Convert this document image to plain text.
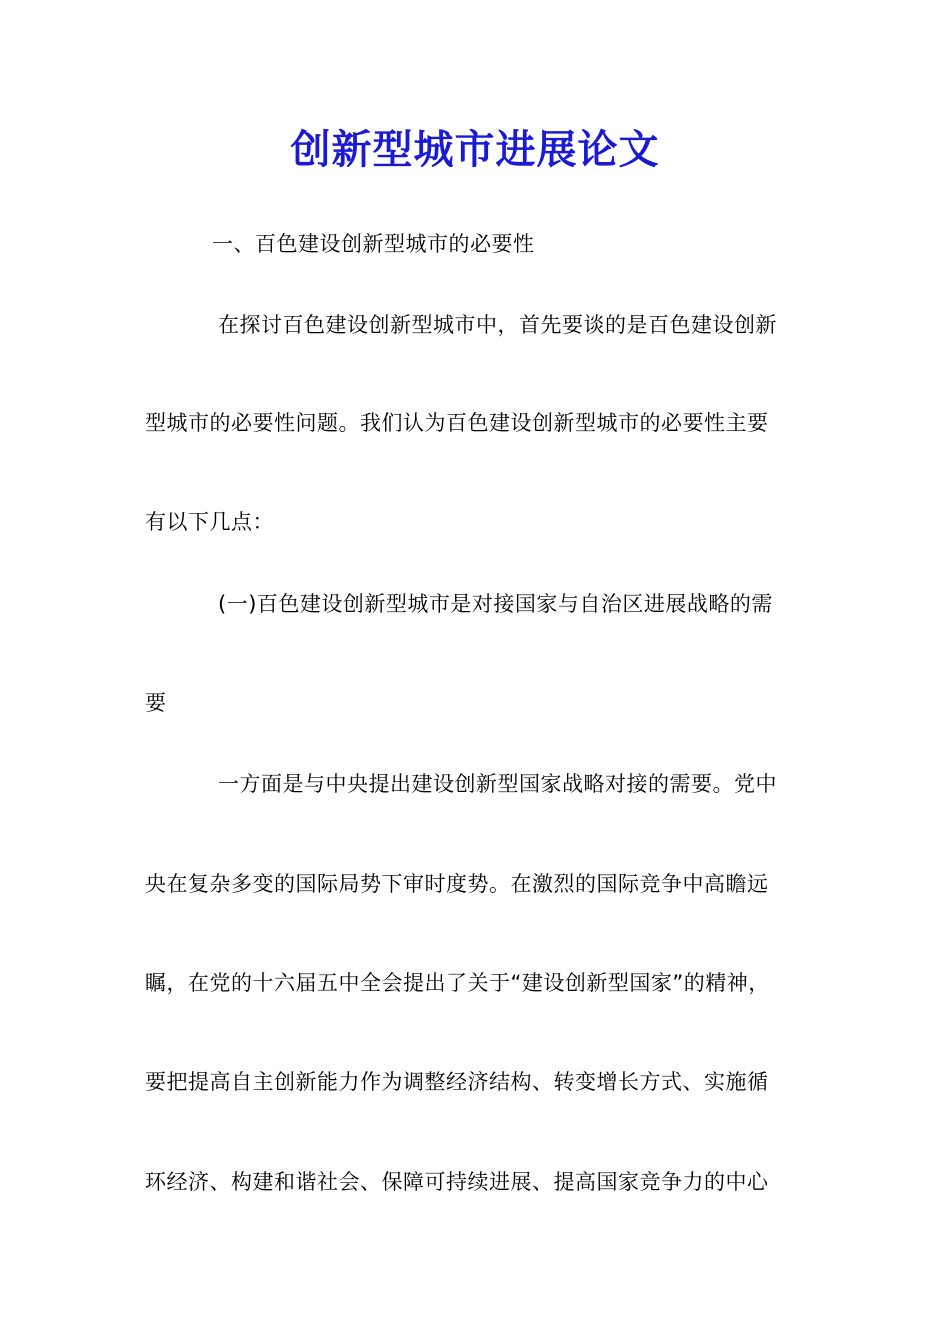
创新型城市进展论文

一、百色建设创新型城市的必要性

在探讨百色建设创新型城市中，首先要谈的是百色建设创新

型城市的必要性问题。我们认为百色建设创新型城市的必要性主要

有以下几点：

(一)百色建设创新型城市是对接国家与自治区进展战略的需

要

一方面是与中央提出建设创新型国家战略对接的需要。党中

央在复杂多变的国际局势下审时度势。在激烈的国际竞争中高瞻远

瞩，在党的十六届五中全会提出了关于“建设创新型国家”的精神，

要把提高自主创新能力作为调整经济结构、转变增长方式、实施循

环经济、构建和谐社会、保障可持续进展、提高国家竞争力的中心
